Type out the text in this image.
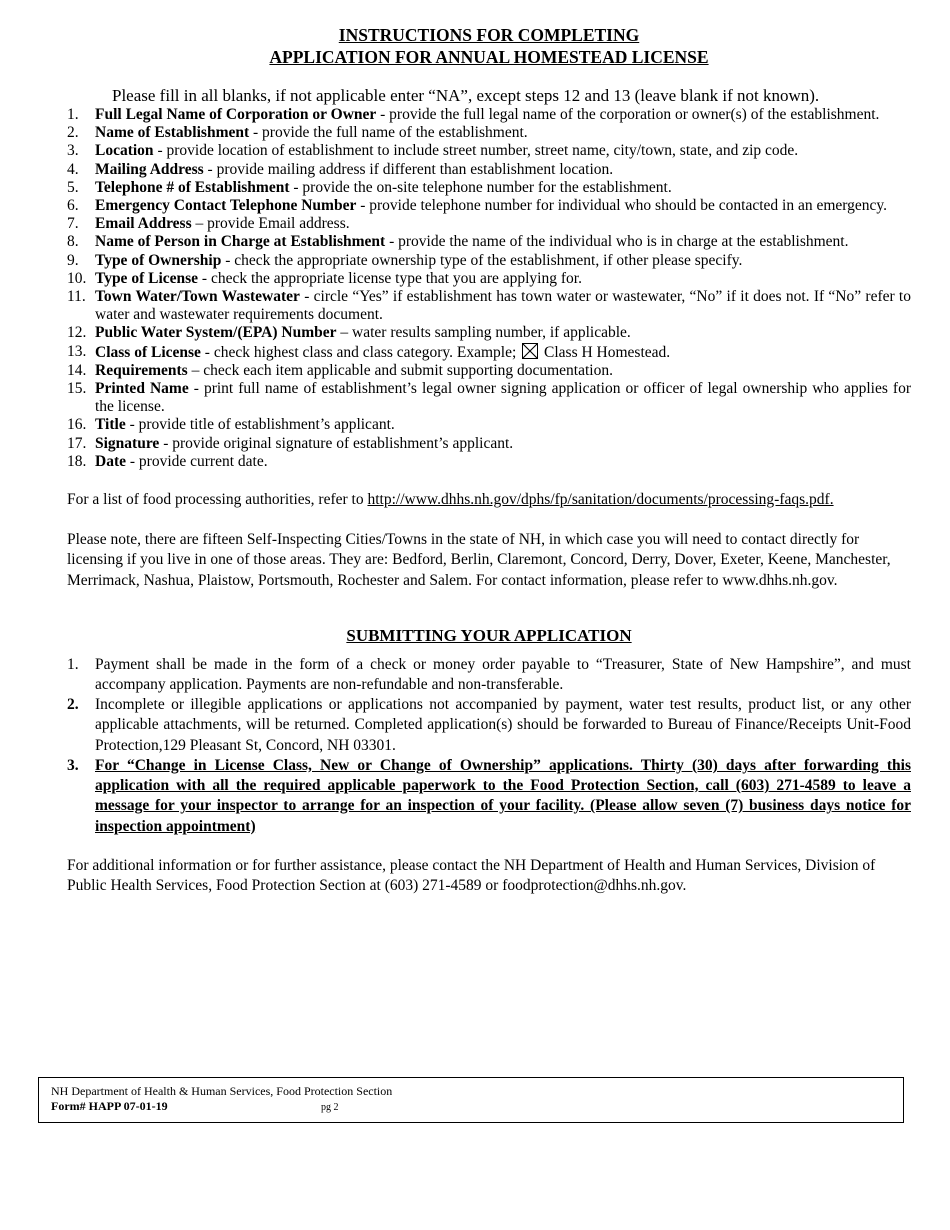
INSTRUCTIONS FOR COMPLETING
APPLICATION FOR ANNUAL HOMESTEAD LICENSE
Please fill in all blanks, if not applicable enter “NA”, except steps 12 and 13 (leave blank if not known).
1. Full Legal Name of Corporation or Owner - provide the full legal name of the corporation or owner(s) of the establishment.
2. Name of Establishment - provide the full name of the establishment.
3. Location - provide location of establishment to include street number, street name, city/town, state, and zip code.
4. Mailing Address - provide mailing address if different than establishment location.
5. Telephone # of Establishment - provide the on-site telephone number for the establishment.
6. Emergency Contact Telephone Number - provide telephone number for individual who should be contacted in an emergency.
7. Email Address – provide Email address.
8. Name of Person in Charge at Establishment - provide the name of the individual who is in charge at the establishment.
9. Type of Ownership - check the appropriate ownership type of the establishment, if other please specify.
10. Type of License - check the appropriate license type that you are applying for.
11. Town Water/Town Wastewater - circle “Yes” if establishment has town water or wastewater, “No” if it does not. If “No” refer to water and wastewater requirements document.
12. Public Water System/(EPA) Number – water results sampling number, if applicable.
13. Class of License - check highest class and class category. Example;
Class H Homestead.
14. Requirements – check each item applicable and submit supporting documentation.
15. Printed Name - print full name of establishment’s legal owner signing application or officer of legal ownership who applies for the license.
16. Title - provide title of establishment’s applicant.
17. Signature - provide original signature of establishment’s applicant.
18. Date - provide current date.

For a list of food processing authorities, refer to http://www.dhhs.nh.gov/dphs/fp/sanitation/documents/processing-faqs.pdf.

Please note, there are fifteen Self-Inspecting Cities/Towns in the state of NH, in which case you will need to contact directly for licensing if you live in one of those areas. They are: Bedford, Berlin, Claremont, Concord, Derry, Dover, Exeter, Keene, Manchester, Merrimack, Nashua, Plaistow, Portsmouth, Rochester and Salem. For contact information, please refer to www.dhhs.nh.gov.

SUBMITTING YOUR APPLICATION
1. Payment shall be made in the form of a check or money order payable to “Treasurer, State of New Hampshire”, and must accompany application. Payments are non-refundable and non-transferable.
2. Incomplete or illegible applications or applications not accompanied by payment, water test results, product list, or any other applicable attachments, will be returned. Completed application(s) should be forwarded to Bureau of Finance/Receipts Unit-Food Protection,129 Pleasant St, Concord, NH 03301.
3. For “Change in License Class, New or Change of Ownership” applications. Thirty (30) days after forwarding this application with all the required applicable paperwork to the Food Protection Section, call (603) 271-4589 to leave a message for your inspector to arrange for an inspection of your facility. (Please allow seven (7) business days notice for inspection appointment)

For additional information or for further assistance, please contact the NH Department of Health and Human Services, Division of Public Health Services, Food Protection Section at (603) 271-4589 or foodprotection@dhhs.nh.gov.

NH Department of Health & Human Services, Food Protection Section
Form# HAPP 07-01-19	pg 2
